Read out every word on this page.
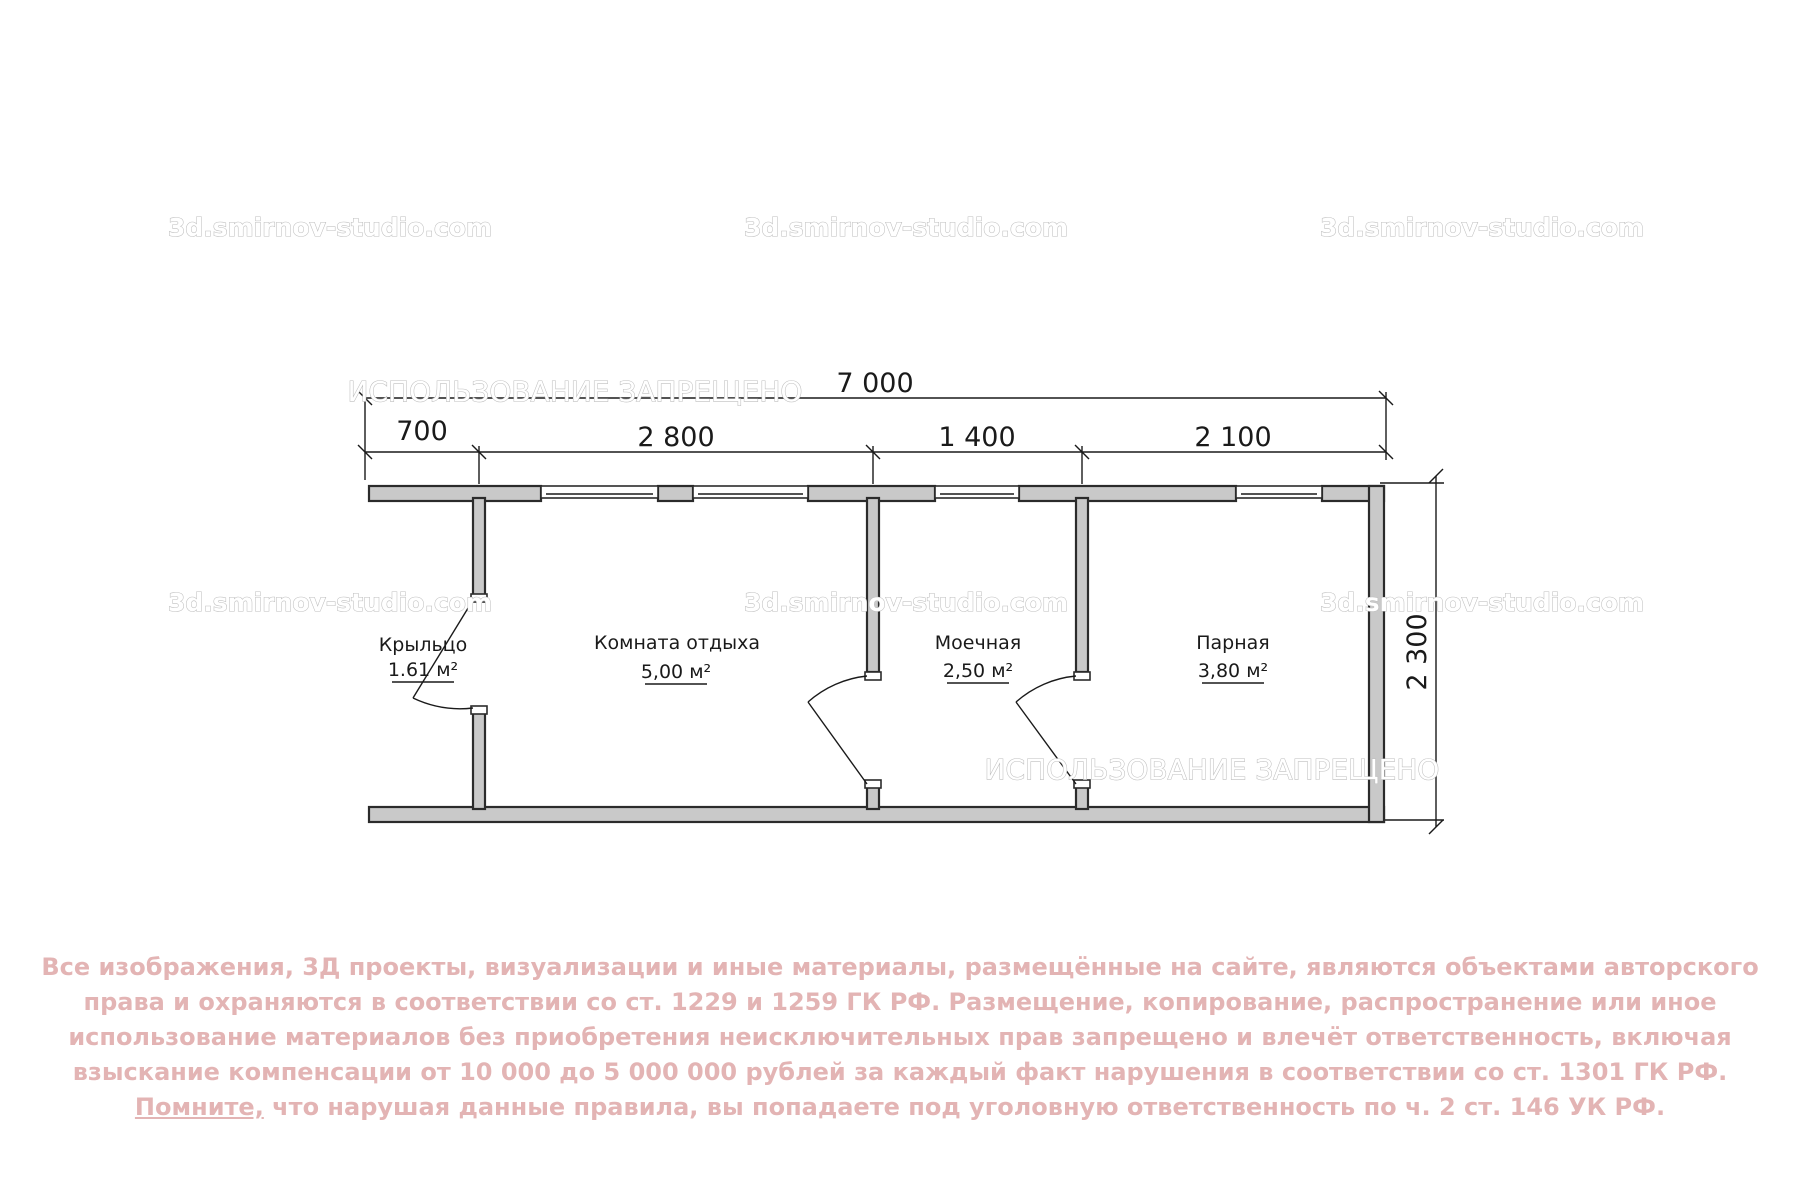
3d.smirnov-studio.com	3d.smirnov-studio.com	3d.smirnov-studio.com
7 000
700	2 800	1 400	2 100
2 300
3d.smirnov-studio.com	3d.smirnov-studio.com	3d.smirnov-studio.com
ИСПОЛЬЗОВАНИЕ ЗАПРЕЩЕНО
ИСПОЛЬЗОВАНИЕ ЗАПРЕЩЕНО
Крыльцо
1.61 м²
Комната отдыха
5,00 м²
Моечная
2,50 м²
Парная
3,80 м²
Все изображения, 3Д проекты, визуализации и иные материалы, размещённые на сайте, являются объектами авторского
права и охраняются в соответствии со ст. 1229 и 1259 ГК РФ. Размещение, копирование, распространение или иное
использование материалов без приобретения неисключительных прав запрещено и влечёт ответственность, включая
взыскание компенсации от 10 000 до 5 000 000 рублей за каждый факт нарушения в соответствии со ст. 1301 ГК РФ.
Помните, что нарушая данные правила, вы попадаете под уголовную ответственность по ч. 2 ст. 146 УК РФ.
